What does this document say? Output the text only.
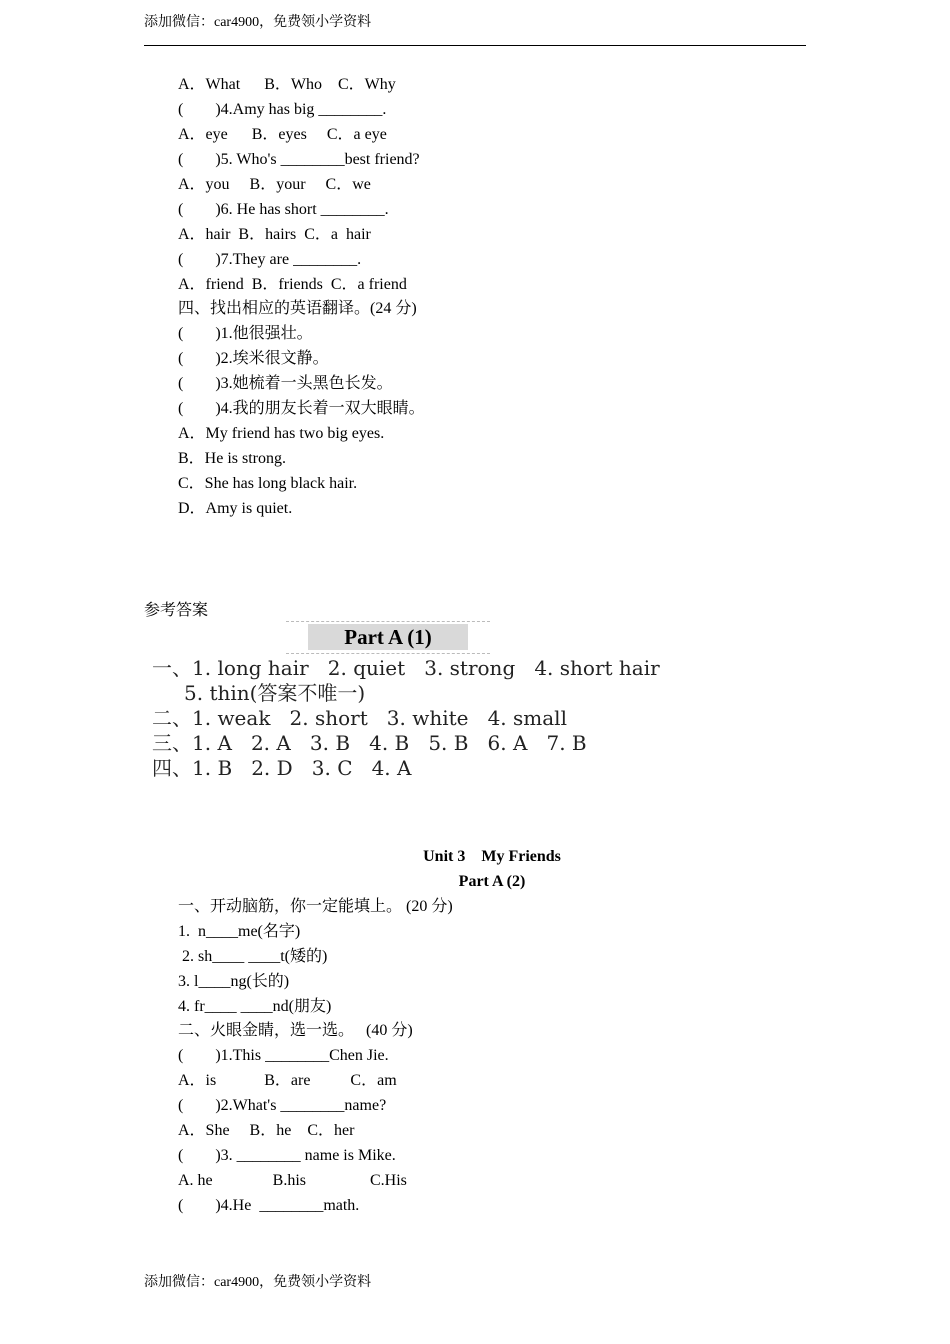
添加微信：car4900，免费领小学资料
A．What      B．Who    C．Why
(        )4.Amy has big ________.
A．eye      B．eyes     C．a eye
(        )5. Who's ________best friend?
A．you     B．your     C．we
(        )6. He has short ________.
A．hair  B．hairs  C．a  hair
(        )7.They are ________.
A．friend  B．friends  C．a friend
四、找出相应的英语翻译。(24 分)
(        )1.他很强壮。
(        )2.埃米很文静。
(        )3.她梳着一头黑色长发。
(        )4.我的朋友长着一双大眼睛。
A．My friend has two big eyes.
B．He is strong.
C．She has long black hair.
D．Amy is quiet.
参考答案
Part A (1)
一、1. long hair   2. quiet   3. strong   4. short hair
5. thin(答案不唯一)
二、1. weak   2. short   3. white   4. small
三、1. A   2. A   3. B   4. B   5. B   6. A   7. B
四、1. B   2. D   3. C   4. A
Unit 3    My Friends
Part A (2)
一、开动脑筋，你一定能填上。 (20 分)
1.  n____me(名字)
2. sh____ ____t(矮的)
3. l____ng(长的)
4. fr____ ____nd(朋友)
二、火眼金睛，选一选。   (40 分)
(        )1.This ________Chen Jie.
A．is            B．are          C．am
(        )2.What's ________name?
A．She     B．he    C．her
(        )3. ________ name is Mike.
A. he               B.his                C.His
(        )4.He  ________math.
添加微信：car4900，免费领小学资料
